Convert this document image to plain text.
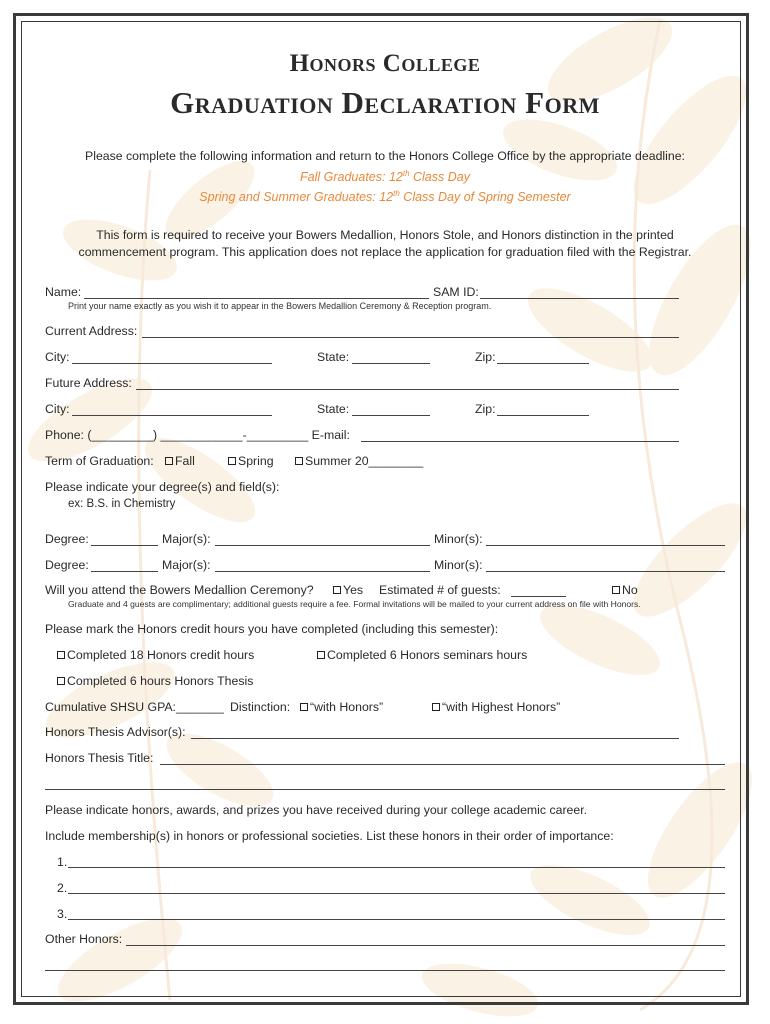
Honors College
Graduation Declaration Form
Please complete the following information and return to the Honors College Office by the appropriate deadline:
Fall Graduates: 12th Class Day
Spring and Summer Graduates: 12th Class Day of Spring Semester
This form is required to receive your Bowers Medallion, Honors Stole, and Honors distinction in the printed
commencement program. This application does not replace the application for graduation filed with the Registrar.
Name:	SAM ID:
Print your name exactly as you wish it to appear in the Bowers Medallion Ceremony & Reception program.
Current Address:
City:	State:	Zip:
Future Address:
City:	State:	Zip:
Phone: (_________) ____________-_________ E-mail:
Term of Graduation:	Fall	Spring	Summer 20________
Please indicate your degree(s) and field(s):
ex: B.S. in Chemistry
Degree:	Major(s):	Minor(s):
Degree:	Major(s):	Minor(s):
Will you attend the Bowers Medallion Ceremony?	Yes Estimated # of guests:	No
Graduate and 4 guests are complimentary; additional guests require a fee. Formal invitations will be mailed to your current address on file with Honors.
Please mark the Honors credit hours you have completed (including this semester):
Completed 18 Honors credit hours	Completed 6 Honors seminars hours
Completed 6 hours Honors Thesis
Cumulative SHSU GPA:_______ Distinction:	“with Honors”	“with Highest Honors”
Honors Thesis Advisor(s):
Honors Thesis Title:
Please indicate honors, awards, and prizes you have received during your college academic career.
Include membership(s) in honors or professional societies. List these honors in their order of importance:
1.
2.
3.
Other Honors:
